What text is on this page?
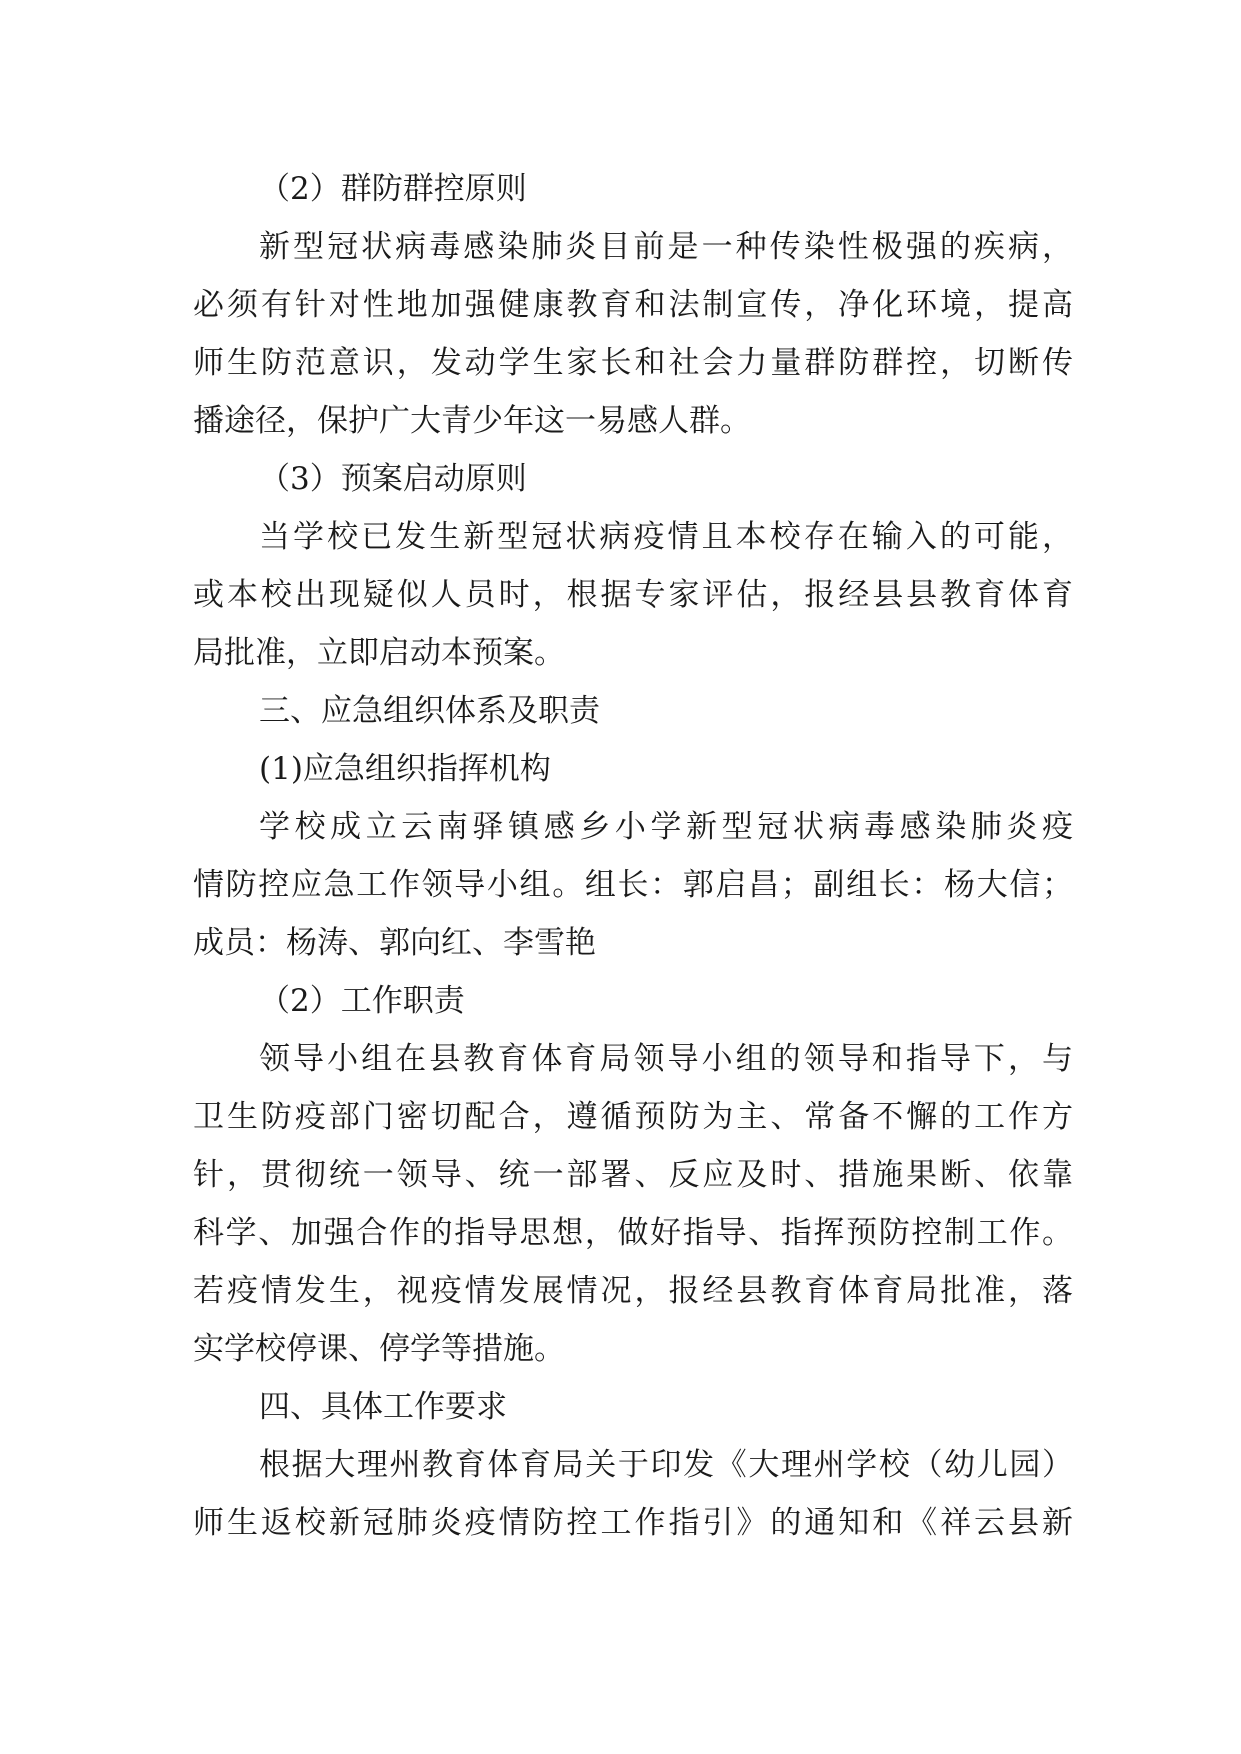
（2）群防群控原则
新型冠状病毒感染肺炎目前是一种传染性极强的疾病，
必须有针对性地加强健康教育和法制宣传，净化环境，提高
师生防范意识，发动学生家长和社会力量群防群控，切断传
播途径，保护广大青少年这一易感人群。
（3）预案启动原则
当学校已发生新型冠状病疫情且本校存在输入的可能，
或本校出现疑似人员时，根据专家评估，报经县县教育体育
局批准，立即启动本预案。
三、应急组织体系及职责
(1)应急组织指挥机构
学校成立云南驿镇感乡小学新型冠状病毒感染肺炎疫
情防控应急工作领导小组。组长：郭启昌；副组长：杨大信；
成员：杨涛、郭向红、李雪艳
（2）工作职责
领导小组在县教育体育局领导小组的领导和指导下，与
卫生防疫部门密切配合，遵循预防为主、常备不懈的工作方
针，贯彻统一领导、统一部署、反应及时、措施果断、依靠
科学、加强合作的指导思想，做好指导、指挥预防控制工作。
若疫情发生，视疫情发展情况，报经县教育体育局批准，落
实学校停课、停学等措施。
四、具体工作要求
根据大理州教育体育局关于印发《大理州学校（幼儿园）
师生返校新冠肺炎疫情防控工作指引》的通知和《祥云县新
